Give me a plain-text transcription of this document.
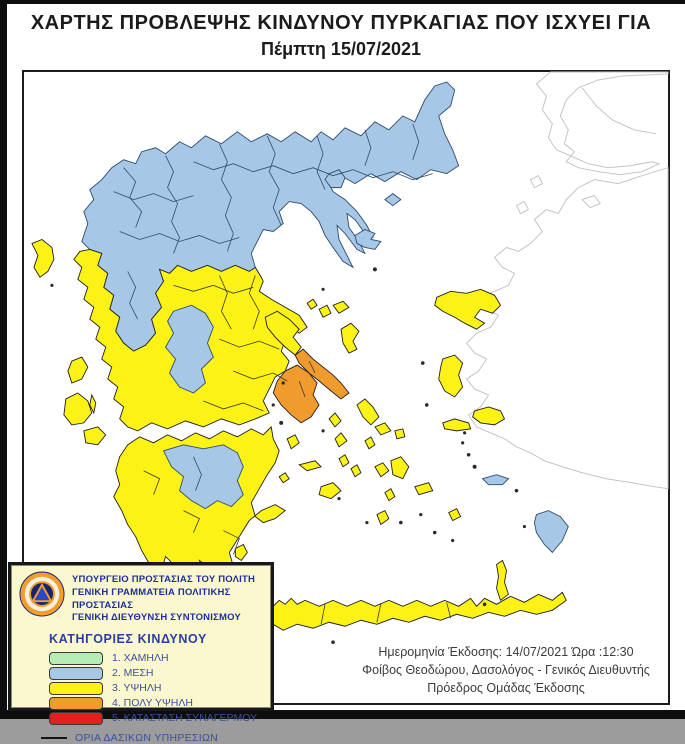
ΧΑΡΤΗΣ ΠΡΟΒΛΕΨΗΣ ΚΙΝΔΥΝΟΥ ΠΥΡΚΑΓΙΑΣ ΠΟΥ ΙΣΧΥΕΙ ΓΙΑ
Πέμπτη 15/07/2021
ΥΠΟΥΡΓΕΙΟ ΠΡΟΣΤΑΣΙΑΣ ΤΟΥ ΠΟΛΙΤΗ
ΓΕΝΙΚΗ ΓΡΑΜΜΑΤΕΙΑ ΠΟΛΙΤΙΚΗΣ ΠΡΟΣΤΑΣΙΑΣ
ΓΕΝΙΚΗ ΔΙΕΥΘΥΝΣΗ ΣΥΝΤΟΝΙΣΜΟΥ
ΚΑΤΗΓΟΡΙΕΣ ΚΙΝΔΥΝΟΥ
1. ΧΑΜΗΛΗ
2. ΜΕΣΗ
3. ΥΨΗΛΗ
4. ΠΟΛΥ ΥΨΗΛΗ
5. ΚΑΤΑΣΤΑΣΗ ΣΥΝΑΓΕΡΜΟΥ
ΟΡΙΑ ΔΑΣΙΚΩΝ ΥΠΗΡΕΣΙΩΝ
Ημερομηνία Έκδοσης: 14/07/2021 Ώρα :12:30
Φοίβος Θεοδώρου, Δασολόγος - Γενικός Διευθυντής
Πρόεδρος Ομάδας Έκδοσης
